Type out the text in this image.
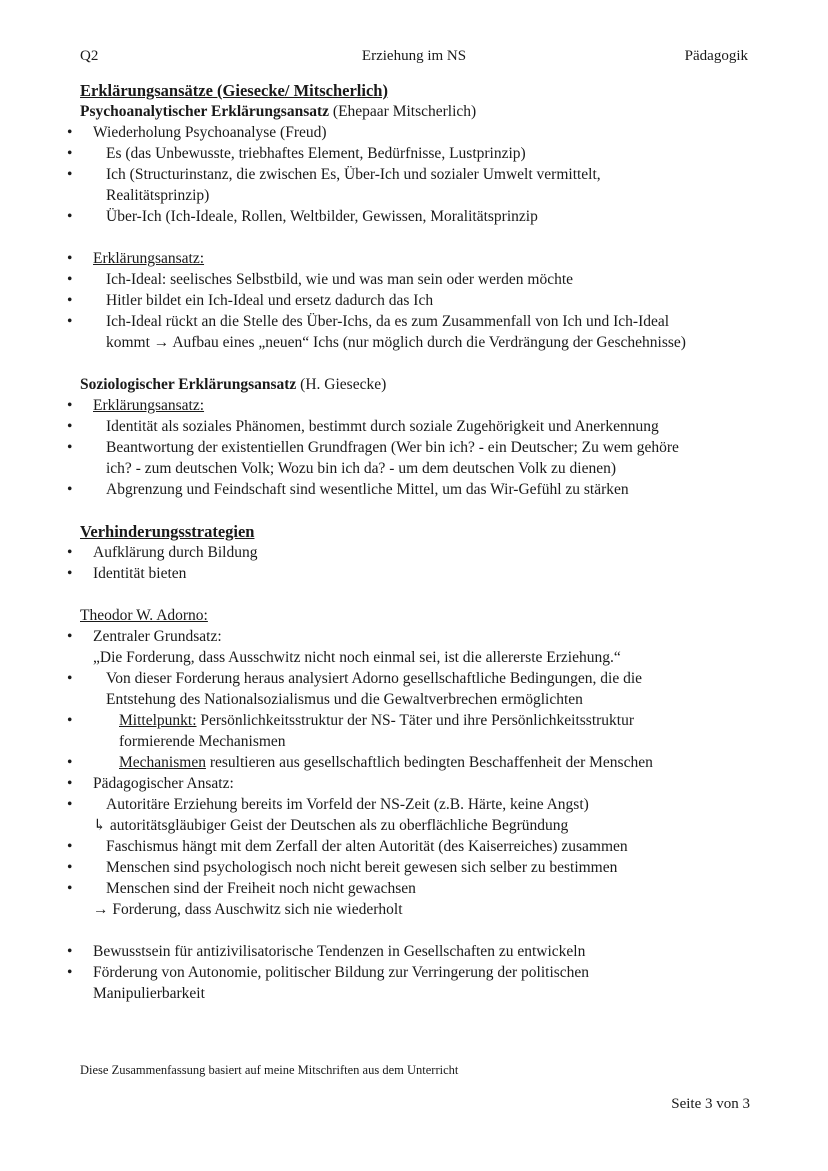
Q2	Erziehung im NS	Pädagogik
Erklärungsansätze (Giesecke/ Mitscherlich)
Psychoanalytischer Erklärungsansatz (Ehepaar Mitscherlich)
• Wiederholung Psychoanalyse (Freud)
• Es (das Unbewusste, triebhaftes Element, Bedürfnisse, Lustprinzip)
• Ich (Structurinstanz, die zwischen Es, Über-Ich und sozialer Umwelt vermittelt,
Realitätsprinzip)
• Über-Ich (Ich-Ideale, Rollen, Weltbilder, Gewissen, Moralitätsprinzip
• Erklärungsansatz:
• Ich-Ideal: seelisches Selbstbild, wie und was man sein oder werden möchte
• Hitler bildet ein Ich-Ideal und ersetz dadurch das Ich
• Ich-Ideal rückt an die Stelle des Über-Ichs, da es zum Zusammenfall von Ich und Ich-Ideal
kommt → Aufbau eines „neuen“ Ichs (nur möglich durch die Verdrängung der Geschehnisse)
Soziologischer Erklärungsansatz (H. Giesecke)
• Erklärungsansatz:
• Identität als soziales Phänomen, bestimmt durch soziale Zugehörigkeit und Anerkennung
• Beantwortung der existentiellen Grundfragen (Wer bin ich? - ein Deutscher; Zu wem gehöre
ich? - zum deutschen Volk; Wozu bin ich da? - um dem deutschen Volk zu dienen)
• Abgrenzung und Feindschaft sind wesentliche Mittel, um das Wir-Gefühl zu stärken
Verhinderungsstrategien
• Aufklärung durch Bildung
• Identität bieten
Theodor W. Adorno:
• Zentraler Grundsatz:
„Die Forderung, dass Ausschwitz nicht noch einmal sei, ist die allererste Erziehung.“
• Von dieser Forderung heraus analysiert Adorno gesellschaftliche Bedingungen, die die
Entstehung des Nationalsozialismus und die Gewaltverbrechen ermöglichten
• Mittelpunkt: Persönlichkeitsstruktur der NS- Täter und ihre Persönlichkeitsstruktur
formierende Mechanismen
• Mechanismen resultieren aus gesellschaftlich bedingten Beschaffenheit der Menschen
• Pädagogischer Ansatz:
• Autoritäre Erziehung bereits im Vorfeld der NS-Zeit (z.B. Härte, keine Angst)
↳ autoritätsgläubiger Geist der Deutschen als zu oberflächliche Begründung
• Faschismus hängt mit dem Zerfall der alten Autorität (des Kaiserreiches) zusammen
• Menschen sind psychologisch noch nicht bereit gewesen sich selber zu bestimmen
• Menschen sind der Freiheit noch nicht gewachsen
→ Forderung, dass Auschwitz sich nie wiederholt
• Bewusstsein für antizivilisatorische Tendenzen in Gesellschaften zu entwickeln
• Förderung von Autonomie, politischer Bildung zur Verringerung der politischen
Manipulierbarkeit
Diese Zusammenfassung basiert auf meine Mitschriften aus dem Unterricht
Seite 3 von 3
